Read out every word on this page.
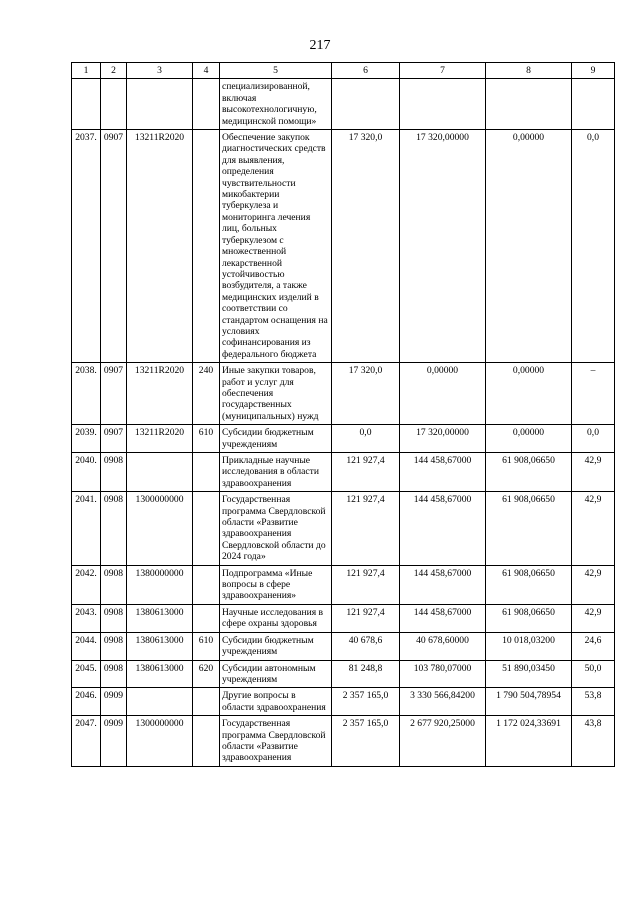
217
1	2	3	4	5	6	7	8	9
				специализированной, включая высокотехнологичную, медицинской помощи»				
2037.	0907	13211R2020		Обеспечение закупок диагностических средств для выявления, определения чувствительности микобактерии туберкулеза и мониторинга лечения лиц, больных туберкулезом с множественной лекарственной устойчивостью возбудителя, а также медицинских изделий в соответствии со стандартом оснащения на условиях софинансирования из федерального бюджета	17 320,0	17 320,00000	0,00000	0,0
2038.	0907	13211R2020	240	Иные закупки товаров, работ и услуг для обеспечения государственных (муниципальных) нужд	17 320,0	0,00000	0,00000	–
2039.	0907	13211R2020	610	Субсидии бюджетным учреждениям	0,0	17 320,00000	0,00000	0,0
2040.	0908			Прикладные научные исследования в области здравоохранения	121 927,4	144 458,67000	61 908,06650	42,9
2041.	0908	1300000000		Государственная программа Свердловской области «Развитие здравоохранения Свердловской области до 2024 года»	121 927,4	144 458,67000	61 908,06650	42,9
2042.	0908	1380000000		Подпрограмма «Иные вопросы в сфере здравоохранения»	121 927,4	144 458,67000	61 908,06650	42,9
2043.	0908	1380613000		Научные исследования в сфере охраны здоровья	121 927,4	144 458,67000	61 908,06650	42,9
2044.	0908	1380613000	610	Субсидии бюджетным учреждениям	40 678,6	40 678,60000	10 018,03200	24,6
2045.	0908	1380613000	620	Субсидии автономным учреждениям	81 248,8	103 780,07000	51 890,03450	50,0
2046.	0909			Другие вопросы в области здравоохранения	2 357 165,0	3 330 566,84200	1 790 504,78954	53,8
2047.	0909	1300000000		Государственная программа Свердловской области «Развитие здравоохранения	2 357 165,0	2 677 920,25000	1 172 024,33691	43,8
